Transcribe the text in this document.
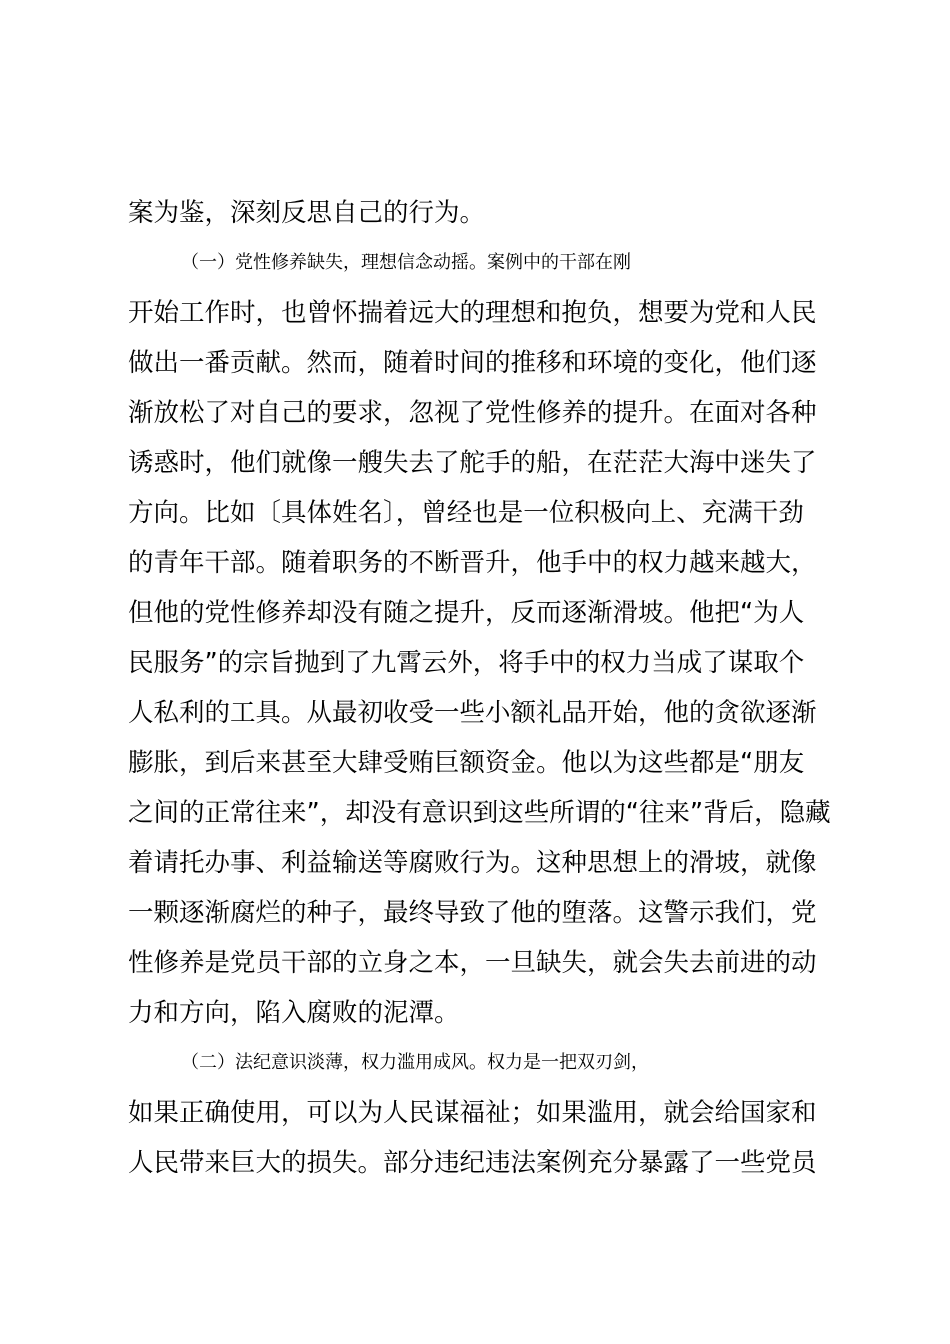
案为鉴，深刻反思自己的行为。
（一）党性修养缺失，理想信念动摇。案例中的干部在刚
开始工作时，也曾怀揣着远大的理想和抱负，想要为党和人民
做出一番贡献。然而，随着时间的推移和环境的变化，他们逐
渐放松了对自己的要求，忽视了党性修养的提升。在面对各种
诱惑时，他们就像一艘失去了舵手的船，在茫茫大海中迷失了
方向。比如〔具体姓名〕，曾经也是一位积极向上、充满干劲
的青年干部。随着职务的不断晋升，他手中的权力越来越大，
但他的党性修养却没有随之提升，反而逐渐滑坡。他把“为人
民服务”的宗旨抛到了九霄云外，将手中的权力当成了谋取个
人私利的工具。从最初收受一些小额礼品开始，他的贪欲逐渐
膨胀，到后来甚至大肆受贿巨额资金。他以为这些都是“朋友
之间的正常往来”，却没有意识到这些所谓的“往来”背后，隐藏
着请托办事、利益输送等腐败行为。这种思想上的滑坡，就像
一颗逐渐腐烂的种子，最终导致了他的堕落。这警示我们，党
性修养是党员干部的立身之本，一旦缺失，就会失去前进的动
力和方向，陷入腐败的泥潭。
（二）法纪意识淡薄，权力滥用成风。权力是一把双刃剑，
如果正确使用，可以为人民谋福祉；如果滥用，就会给国家和
人民带来巨大的损失。部分违纪违法案例充分暴露了一些党员
